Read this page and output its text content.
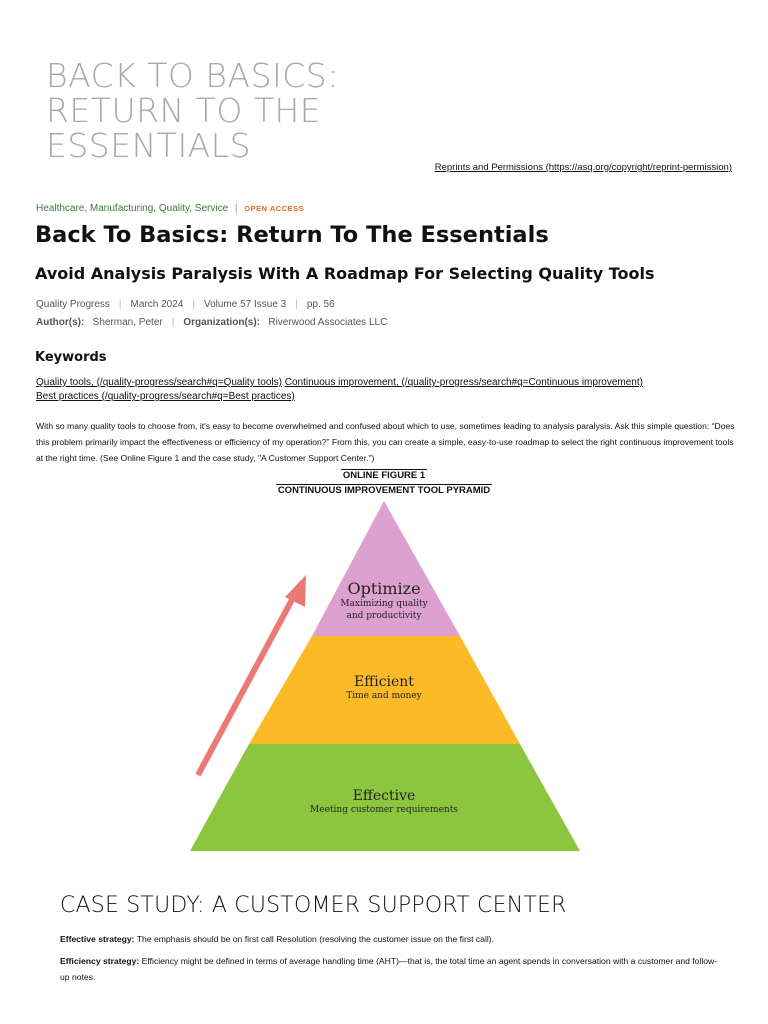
BACK TO BASICS:
RETURN TO THE
ESSENTIALS
Reprints and Permissions (https://asq.org/copyright/reprint-permission)
Healthcare, Manufacturing, Quality, Service | OPEN ACCESS
Back To Basics: Return To The Essentials
Avoid Analysis Paralysis With A Roadmap For Selecting Quality Tools
Quality Progress | March 2024 | Volume 57 Issue 3 | pp. 56
Author(s): Sherman, Peter | Organization(s): Riverwood Associates LLC
Keywords
Quality tools, (/quality-progress/search#q=Quality tools) Continuous improvement, (/quality-progress/search#q=Continuous improvement)
Best practices (/quality-progress/search#q=Best practices)
With so many quality tools to choose from, it's easy to become overwhelmed and confused about which to use, sometimes leading to analysis paralysis. Ask this simple question: “Does this problem primarily impact the effectiveness or efficiency of my operation?” From this, you can create a simple, easy-to-use roadmap to select the right continuous improvement tools at the right time. (See Online Figure 1 and the case study, "A Customer Support Center.")
ONLINE FIGURE 1
CONTINUOUS IMPROVEMENT TOOL PYRAMID
Optimize
Maximizing quality
and productivity
Efficient
Time and money
Effective
Meeting customer requirements
CASE STUDY: A CUSTOMER SUPPORT CENTER
Effective strategy: The emphasis should be on first call Resolution (resolving the customer issue on the first call).
Efficiency strategy: Efficiency might be defined in terms of average handling time (AHT)—that is, the total time an agent spends in conversation with a customer and follow-up notes.
